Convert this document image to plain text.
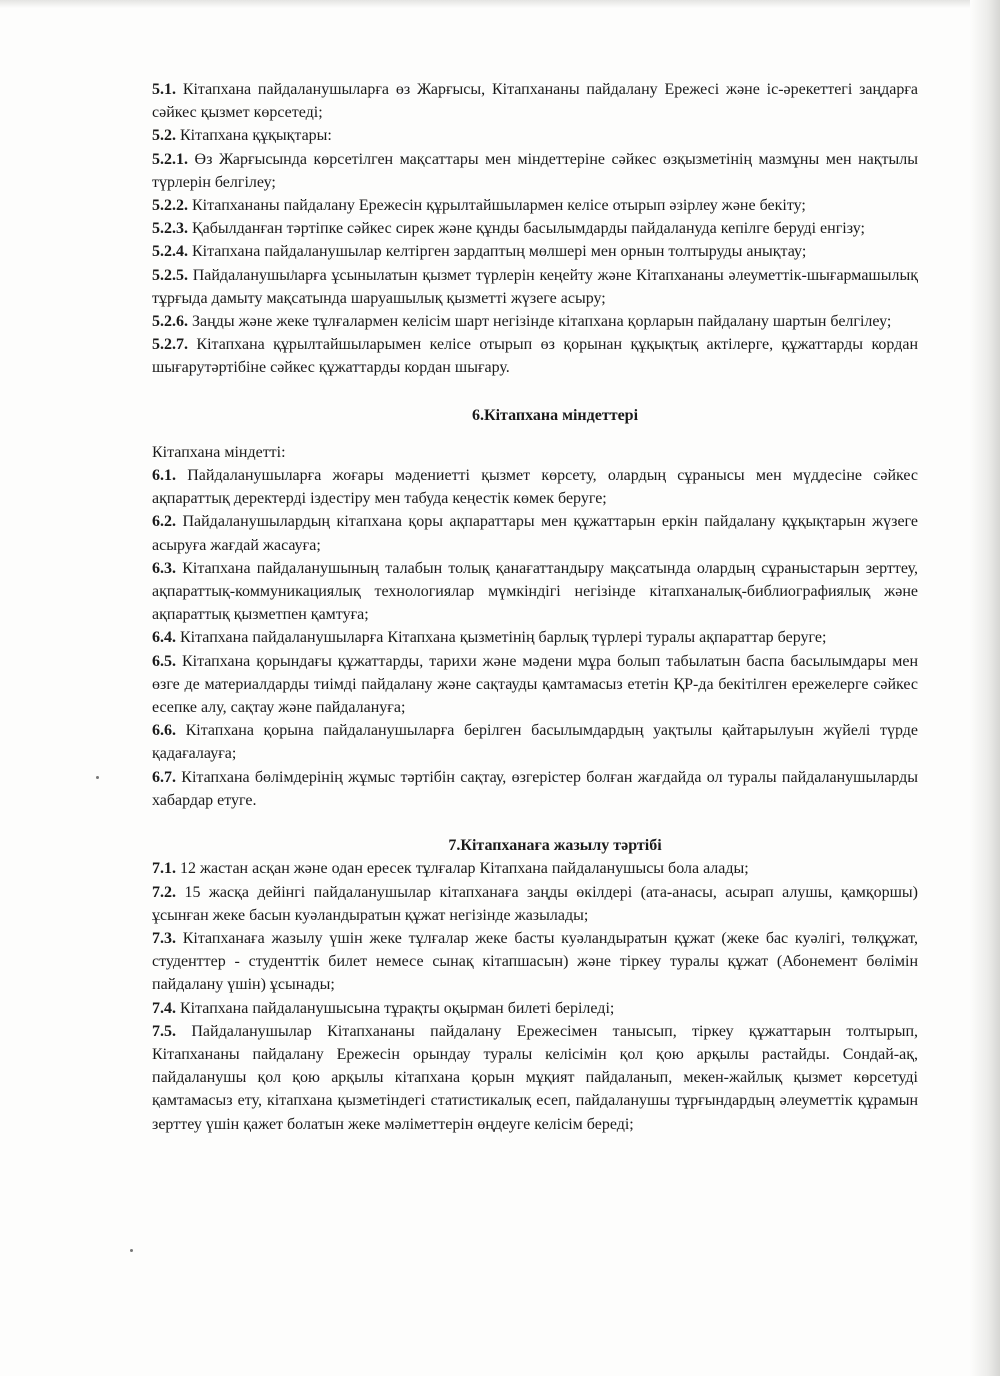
5.1. Кітапхана пайдаланушыларға өз Жарғысы, Кітапхананы пайдалану Ережесі және іс-әрекеттегі заңдарға сәйкес қызмет көрсетеді;

5.2. Кітапхана құқықтары:

5.2.1. Өз Жарғысында көрсетілген мақсаттары мен міндеттеріне сәйкес өзқызметінің мазмұны мен нақтылы түрлерін белгілеу;

5.2.2. Кітапхананы пайдалану Ережесін құрылтайшылармен келісе отырып әзірлеу және бекіту;

5.2.3. Қабылданған тәртіпке сәйкес сирек және құнды басылымдарды пайдалануда кепілге беруді енгізу;

5.2.4. Кітапхана пайдаланушылар келтірген зардаптың мөлшері мен орнын толтыруды анықтау;

5.2.5. Пайдаланушыларға ұсынылатын қызмет түрлерін кеңейту және Кітапхананы әлеуметтік-шығармашылық тұрғыда дамыту мақсатында шаруашылық қызметті жүзеге асыру;

5.2.6. Заңды және жеке тұлғалармен келісім шарт негізінде кітапхана қорларын пайдалану шартын белгілеу;

5.2.7. Кітапхана құрылтайшыларымен келісе отырып өз қорынан құқықтық актілерге, құжаттарды кордан шығарутәртібіне сәйкес құжаттарды кордан шығару.

6.Кітапхана міндеттері

Кітапхана міндетті:

6.1. Пайдаланушыларға жоғары мәдениетті қызмет көрсету, олардың сұранысы мен мүддесіне сәйкес ақпараттық деректерді іздестіру мен табуда кеңестік көмек беруге;

6.2. Пайдаланушылардың кітапхана қоры ақпараттары мен құжаттарын еркін пайдалану құқықтарын жүзеге асыруға жағдай жасауға;

6.3. Кітапхана пайдаланушының талабын толық қанағаттандыру мақсатында олардың сұраныстарын зерттеу, ақпараттық-коммуникациялық технологиялар мүмкіндігі негізінде кітапханалық-библиографиялық және ақпараттық қызметпен қамтуға;

6.4. Кітапхана пайдаланушыларға Кітапхана қызметінің барлық түрлері туралы ақпараттар беруге;

6.5. Кітапхана қорындағы құжаттарды, тарихи және мәдени мұра болып табылатын баспа басылымдары мен өзге де материалдарды тиімді пайдалану және сақтауды қамтамасыз ететін ҚР-да бекітілген ережелерге сәйкес есепке алу, сақтау және пайдалануға;

6.6. Кітапхана қорына пайдаланушыларға берілген басылымдардың уақтылы қайтарылуын жүйелі түрде қадағалауға;

6.7. Кітапхана бөлімдерінің жұмыс тәртібін сақтау, өзгерістер болған жағдайда ол туралы пайдаланушыларды хабардар етуге.

7.Кітапханаға жазылу тәртібі

7.1. 12 жастан асқан және одан ересек тұлғалар Кітапхана пайдаланушысы бола алады;

7.2. 15 жасқа дейінгі пайдаланушылар кітапханаға заңды өкілдері (ата-анасы, асырап алушы, қамқоршы) ұсынған жеке басын куәландыратын құжат негізінде жазылады;

7.3. Кітапханаға жазылу үшін жеке тұлғалар жеке басты куәландыратын құжат (жеке бас куәлігі, төлқұжат, студенттер - студенттік билет немесе сынақ кітапшасын) және тіркеу туралы құжат (Абонемент бөлімін пайдалану үшін) ұсынады;

7.4. Кітапхана пайдаланушысына тұрақты оқырман билеті беріледі;

7.5. Пайдаланушылар Кітапхананы пайдалану Ережесімен танысып, тіркеу құжаттарын толтырып, Кітапхананы пайдалану Ережесін орындау туралы келісімін қол қою арқылы растайды. Сондай-ақ, пайдаланушы қол қою арқылы кітапхана қорын мұқият пайдаланып, мекен-жайлық қызмет көрсетуді қамтамасыз ету, кітапхана қызметіндегі статистикалық есеп, пайдаланушы тұрғындардың әлеуметтік құрамын зерттеу үшін қажет болатын жеке мәліметтерін өңдеуге келісім береді;
